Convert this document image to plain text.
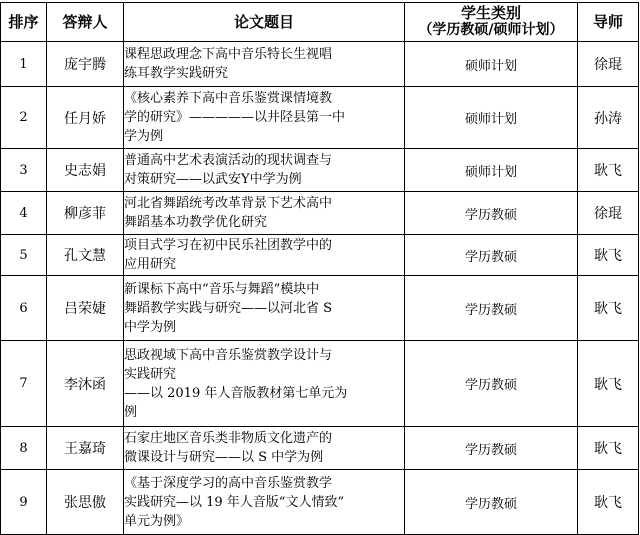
排序	答辩人	论文题目	学生类别
（学历教硕/硕师计划）	导师
1	庞宇腾	课程思政理念下高中音乐特长生视唱
练耳教学实践研究	硕师计划	徐琨
2	任月娇	《核心素养下高中音乐鉴赏课情境教
学的研究》—————以井陉县第一中
学为例	硕师计划	孙涛
3	史志娟	普通高中艺术表演活动的现状调查与
对策研究——以武安Y中学为例	硕师计划	耿飞
4	柳彦菲	河北省舞蹈统考改革背景下艺术高中
舞蹈基本功教学优化研究	学历教硕	徐琨
5	孔文慧	项目式学习在初中民乐社团教学中的
应用研究	学历教硕	耿飞
6	吕荣婕	新课标下高中“音乐与舞蹈”模块中
舞蹈教学实践与研究——以河北省 S
中学为例	学历教硕	耿飞
7	李沐函	思政视域下高中音乐鉴赏教学设计与
实践研究
——以 2019 年人音版教材第七单元为
例	学历教硕	耿飞
8	王嘉琦	石家庄地区音乐类非物质文化遗产的
微课设计与研究——以 S 中学为例	学历教硕	耿飞
9	张思傲	《基于深度学习的高中音乐鉴赏教学
实践研究—以 19 年人音版“文人情致”
单元为例》	学历教硕	耿飞
